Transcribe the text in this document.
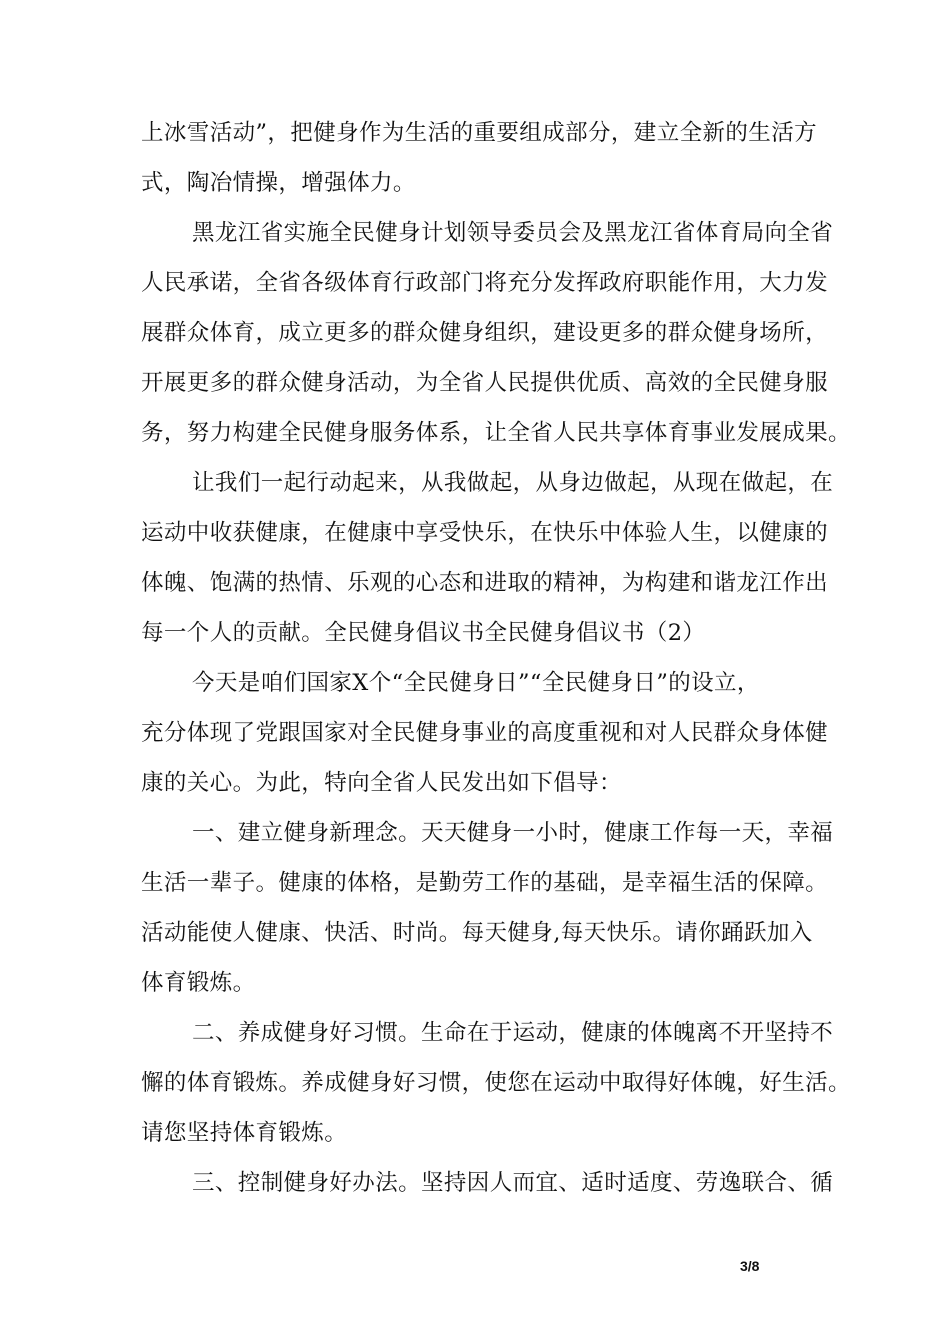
上冰雪活动”，把健身作为生活的重要组成部分，建立全新的生活方
式，陶冶情操，增强体力。
黑龙江省实施全民健身计划领导委员会及黑龙江省体育局向全省
人民承诺，全省各级体育行政部门将充分发挥政府职能作用，大力发
展群众体育，成立更多的群众健身组织，建设更多的群众健身场所，
开展更多的群众健身活动，为全省人民提供优质、高效的全民健身服
务，努力构建全民健身服务体系，让全省人民共享体育事业发展成果。
让我们一起行动起来，从我做起，从身边做起，从现在做起，在
运动中收获健康，在健康中享受快乐，在快乐中体验人生，以健康的
体魄、饱满的热情、乐观的心态和进取的精神，为构建和谐龙江作出
每一个人的贡献。全民健身倡议书全民健身倡议书（2）
今天是咱们国家X个“全民健身日”“全民健身日”的设立，
充分体现了党跟国家对全民健身事业的高度重视和对人民群众身体健
康的关心。为此，特向全省人民发出如下倡导：
一、建立健身新理念。天天健身一小时，健康工作每一天，幸福
生活一辈子。健康的体格，是勤劳工作的基础，是幸福生活的保障。
活动能使人健康、快活、时尚。每天健身,每天快乐。请你踊跃加入
体育锻炼。
二、养成健身好习惯。生命在于运动，健康的体魄离不开坚持不
懈的体育锻炼。养成健身好习惯，使您在运动中取得好体魄，好生活。
请您坚持体育锻炼。
三、控制健身好办法。坚持因人而宜、适时适度、劳逸联合、循
3/8
